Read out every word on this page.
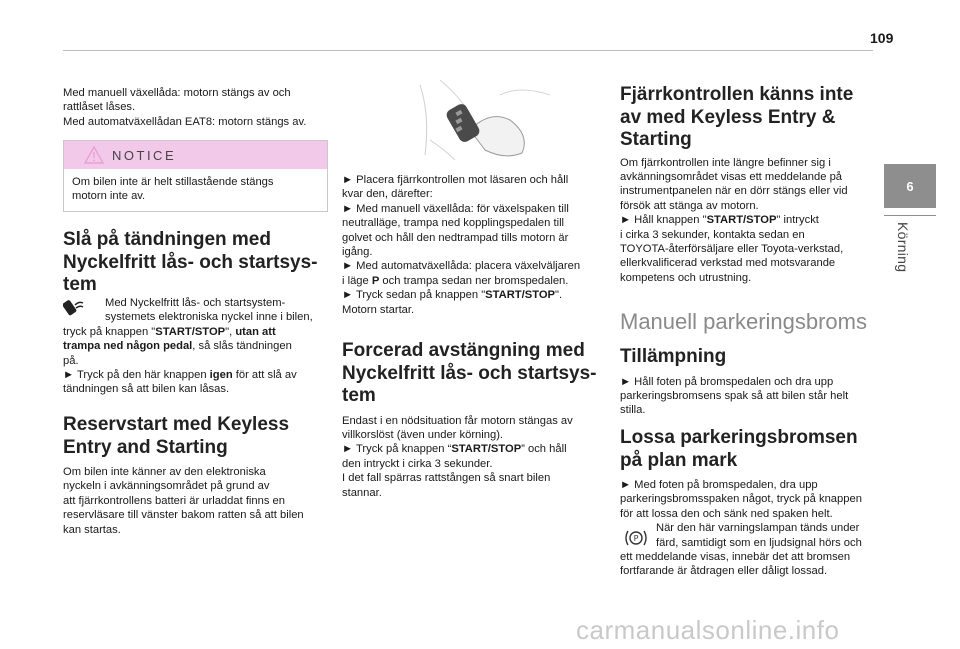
109
6
Körning

Med manuell växellåda: motorn stängs av och

rattlåset låses.

Med automatväxellådan EAT8: motorn stängs av.

NOTICE
Om bilen inte är helt stillastående stängs
motorn inte av.

Slå på tändningen med

Nyckelfritt lås- och startsys-

tem

Med Nyckelfritt lås- och startsystem-

systemets elektroniska nyckel inne i bilen,

tryck på knappen "START/STOP", utan att

trampa ned någon pedal, så slås tändningen

på.

► Tryck på den här knappen igen för att slå av

tändningen så att bilen kan låsas.

Reservstart med Keyless

Entry and Starting

Om bilen inte känner av den elektroniska

nyckeln i avkänningsområdet på grund av

att fjärrkontrollens batteri är urladdat finns en

reservläsare till vänster bakom ratten så att bilen

kan startas.

► Placera fjärrkontrollen mot läsaren och håll

kvar den, därefter:

► Med manuell växellåda: för växelspaken till

neutralläge, trampa ned kopplingspedalen till

golvet och håll den nedtrampad tills motorn är

igång.

► Med automatväxellåda: placera växelväljaren

i läge P och trampa sedan ner bromspedalen.

► Tryck sedan på knappen "START/STOP".

Motorn startar.

Forcerad avstängning med

Nyckelfritt lås- och startsys-

tem

Endast i en nödsituation får motorn stängas av

villkorslöst (även under körning).

► Tryck på knappen “START/STOP” och håll

den intryckt i cirka 3 sekunder.

I det fall spärras rattstången så snart bilen

stannar.

Fjärrkontrollen känns inte

av med Keyless Entry &

Starting

Om fjärrkontrollen inte längre befinner sig i

avkänningsområdet visas ett meddelande på

instrumentpanelen när en dörr stängs eller vid

försök att stänga av motorn.

► Håll knappen "START/STOP" intryckt

i cirka 3 sekunder, kontakta sedan en

TOYOTA-återförsäljare eller Toyota-verkstad,

ellerkvalificerad verkstad med motsvarande

kompetens och utrustning.

Manuell parkeringsbroms

Tillämpning

► Håll foten på bromspedalen och dra upp

parkeringsbromsens spak så att bilen står helt

stilla.

Lossa parkeringsbromsen

på plan mark

► Med foten på bromspedalen, dra upp

parkeringsbromsspaken något, tryck på knappen

för att lossa den och sänk ned spaken helt.

När den här varningslampan tänds under

färd, samtidigt som en ljudsignal hörs och

ett meddelande visas, innebär det att bromsen

fortfarande är åtdragen eller dåligt lossad.

P
carmanualsonline.info
